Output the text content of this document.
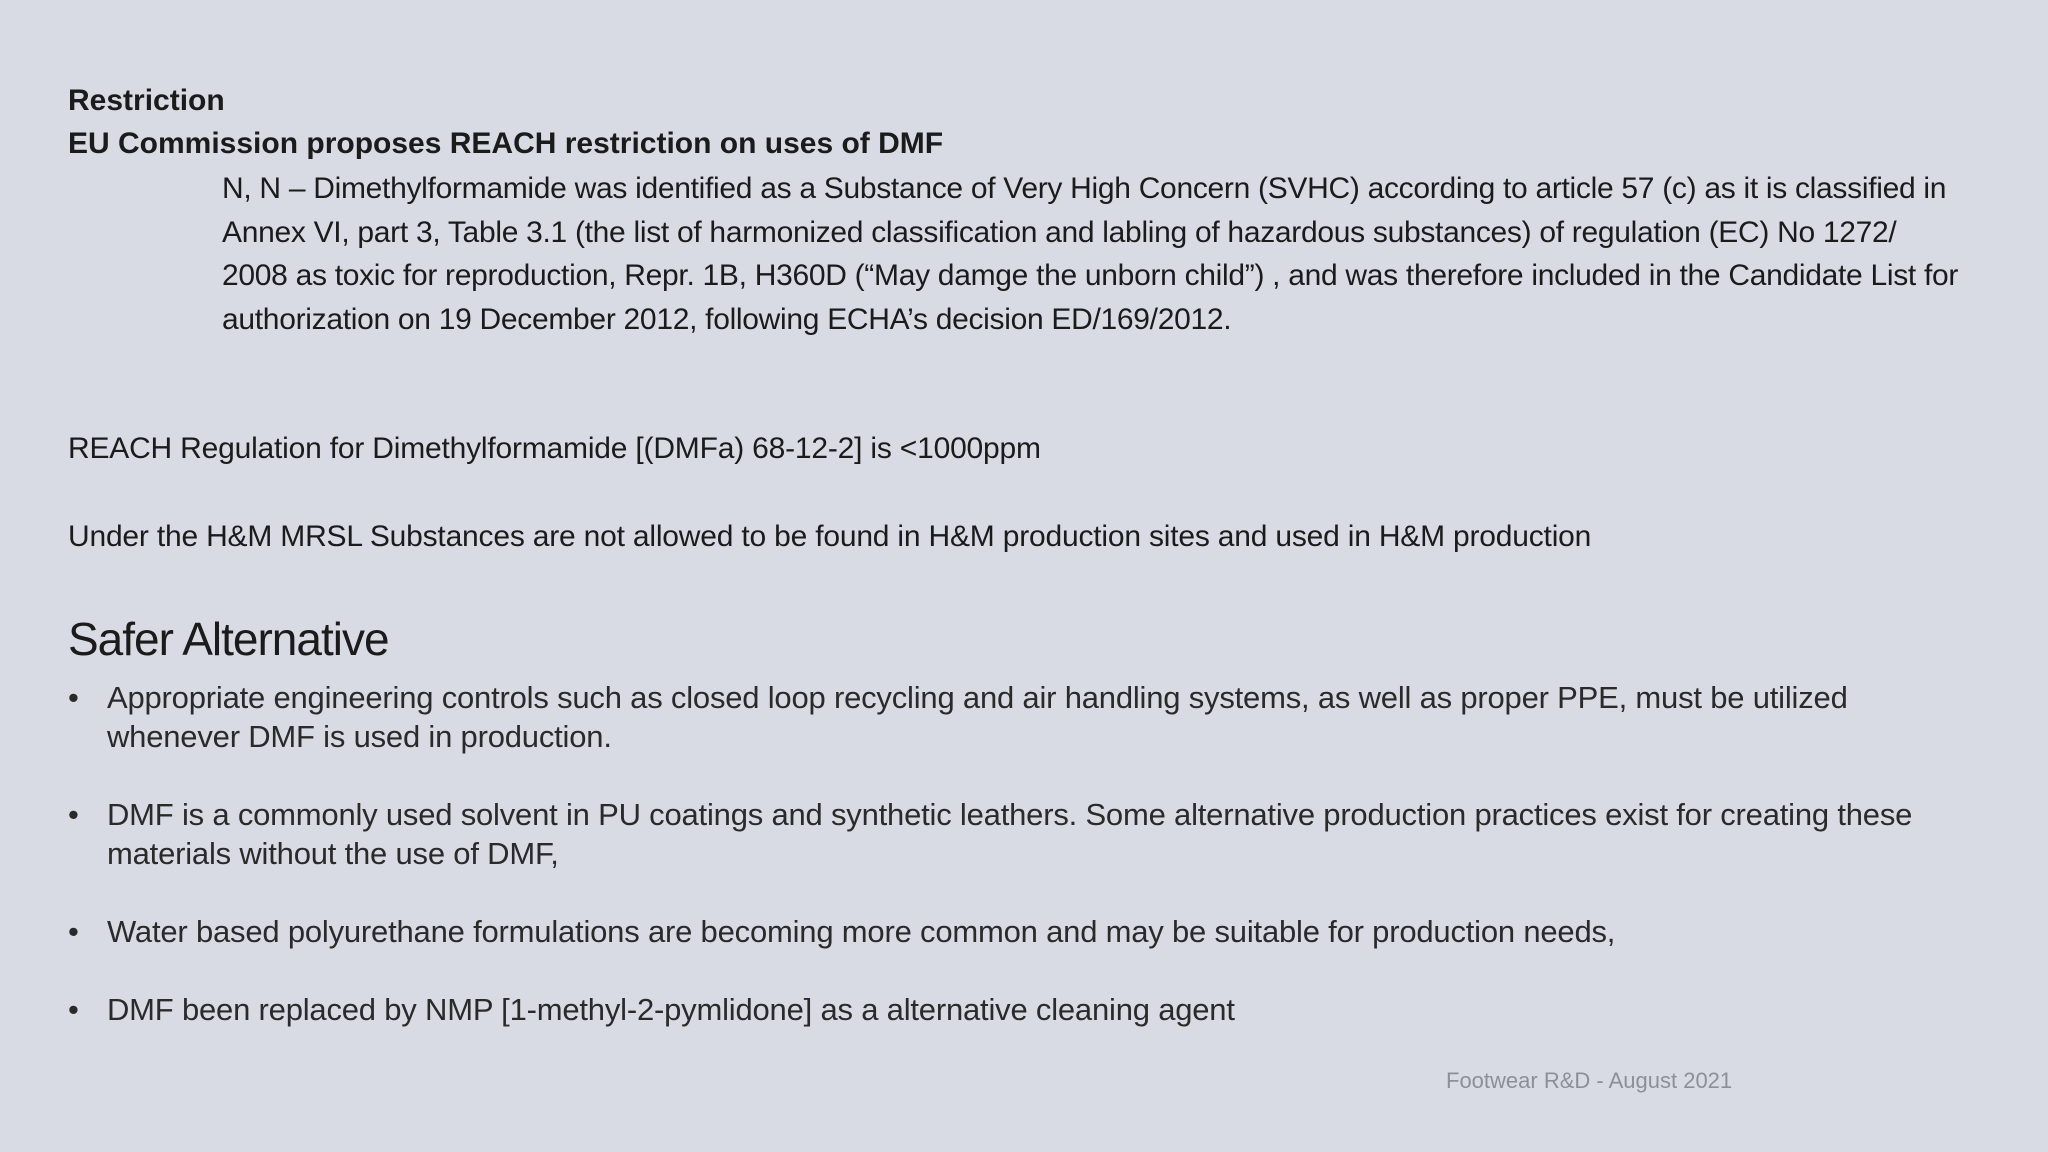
Restriction
EU Commission proposes REACH restriction on uses of DMF
N, N – Dimethylformamide was identified as a Substance of Very High Concern (SVHC) according to article 57 (c) as it is classified in Annex VI, part 3, Table 3.1 (the list of harmonized classification and labling of hazardous substances) of regulation (EC) No 1272/ 2008 as toxic for reproduction, Repr. 1B, H360D (“May damge the unborn child”) , and was therefore included in the Candidate List for authorization on 19 December 2012, following ECHA’s decision ED/169/2012.
REACH Regulation for Dimethylformamide [(DMFa) 68-12-2] is <1000ppm
Under the H&M MRSL Substances are not allowed to be found in H&M production sites and used in H&M production
Safer Alternative
• Appropriate engineering controls such as closed loop recycling and air handling systems, as well as proper PPE, must be utilized whenever DMF is used in production.
• DMF is a commonly used solvent in PU coatings and synthetic leathers. Some alternative production practices exist for creating these materials without the use of DMF,
• Water based polyurethane formulations are becoming more common and may be suitable for production needs,
• DMF been replaced by NMP [1-methyl-2-pymlidone] as a alternative cleaning agent
Footwear R&D - August 2021
